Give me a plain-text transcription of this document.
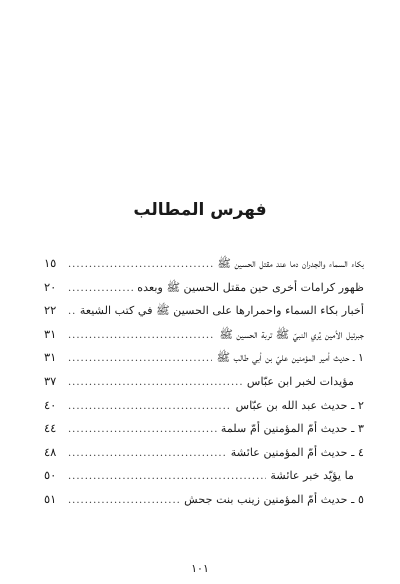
فهرس المطالب
بكاء السماء والجدران دما عند مقتل الحسين ﷺ
.....
١٥
ظهور كرامات أخرى حين مقتل الحسين ﷺ وبعده
.....
٢٠
أخبار بكاء السماء واحمرارها على الحسين ﷺ في كتب الشيعة
.....
٢٢
جبرئيل الأمين يُري النبيّ ﷺ تربة الحسين ﷺ
.....
٣١
١ ـ حديث أمير المؤمنين عليّ بن أبي طالب ﷺ
.....
٣١
مؤيدات لخبر ابن عبّاس
.....
٣٧
٢ ـ حديث عبد الله بن عبّاس
.....
٤٠
٣ ـ حديث أمّ المؤمنين أمّ سلمة
.....
٤٤
٤ ـ حديث أمّ المؤمنين عائشة
.....
٤٨
ما يؤيّد خبر عائشة
.....
٥٠
٥ ـ حديث أمّ المؤمنين زينب بنت جحش
.....
٥١
١٠١
